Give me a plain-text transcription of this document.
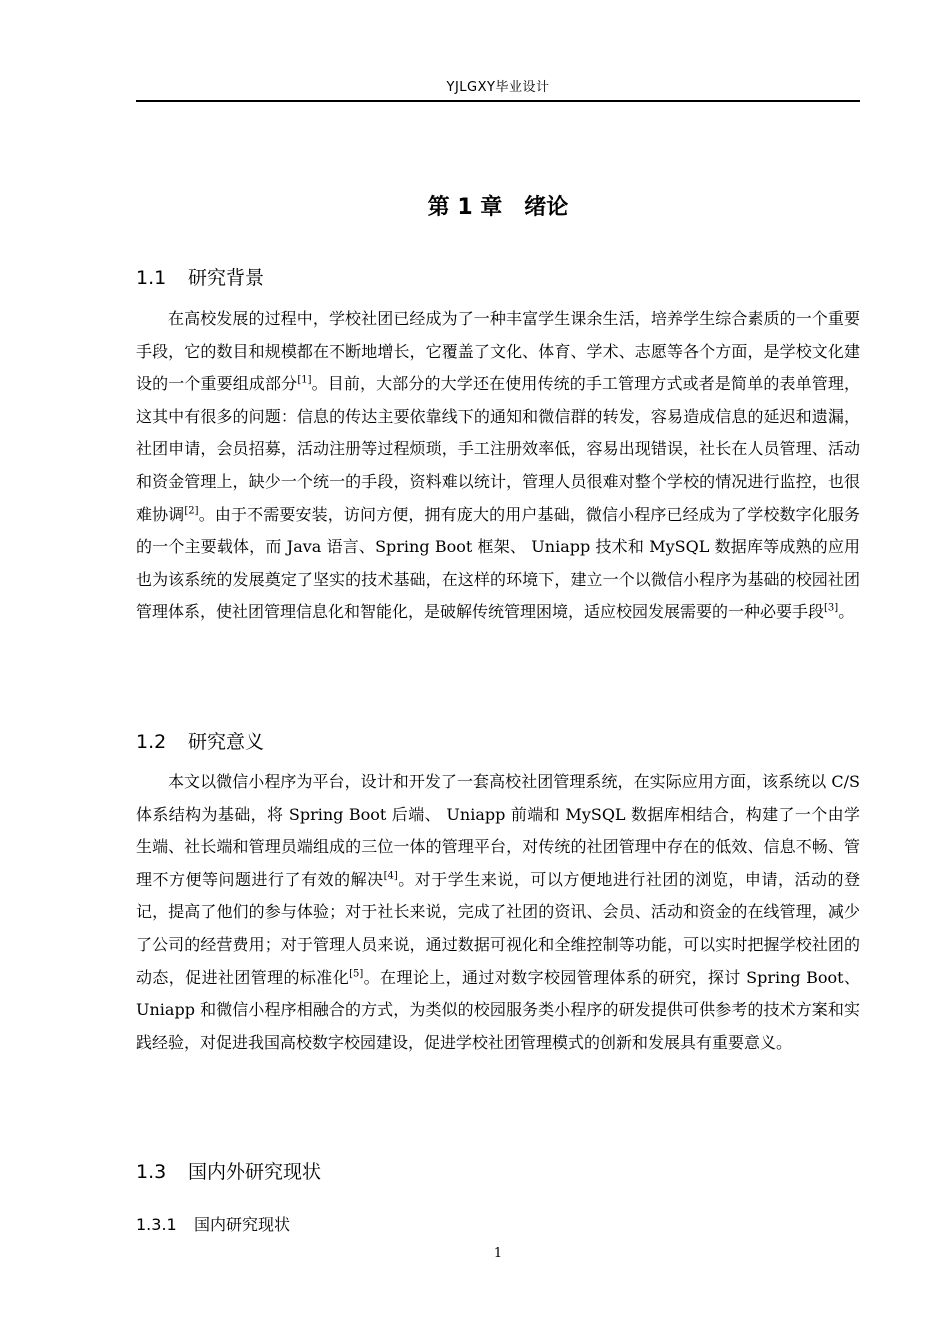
YJLGXY毕业设计
第 1 章　绪论
1.1 研究背景
在高校发展的过程中，学校社团已经成为了一种丰富学生课余生活，培养学生综合素质的一个重要手段，它的数目和规模都在不断地增长，它覆盖了文化、体育、学术、志愿等各个方面，是学校文化建设的一个重要组成部分[1]。目前，大部分的大学还在使用传统的手工管理方式或者是简单的表单管理，这其中有很多的问题：信息的传达主要依靠线下的通知和微信群的转发，容易造成信息的延迟和遗漏，社团申请，会员招募，活动注册等过程烦琐，手工注册效率低，容易出现错误，社长在人员管理、活动和资金管理上，缺少一个统一的手段，资料难以统计，管理人员很难对整个学校的情况进行监控，也很难协调[2]。由于不需要安装，访问方便，拥有庞大的用户基础，微信小程序已经成为了学校数字化服务的一个主要载体，而 Java 语言、Spring Boot 框架、 Uniapp 技术和 MySQL 数据库等成熟的应用也为该系统的发展奠定了坚实的技术基础，在这样的环境下，建立一个以微信小程序为基础的校园社团管理体系，使社团管理信息化和智能化，是破解传统管理困境，适应校园发展需要的一种必要手段[3]。
1.2 研究意义
本文以微信小程序为平台，设计和开发了一套高校社团管理系统，在实际应用方面，该系统以 C/S 体系结构为基础，将 Spring Boot 后端、 Uniapp 前端和 MySQL 数据库相结合，构建了一个由学生端、社长端和管理员端组成的三位一体的管理平台，对传统的社团管理中存在的低效、信息不畅、管理不方便等问题进行了有效的解决[4]。对于学生来说，可以方便地进行社团的浏览，申请，活动的登记，提高了他们的参与体验；对于社长来说，完成了社团的资讯、会员、活动和资金的在线管理，减少了公司的经营费用；对于管理人员来说，通过数据可视化和全维控制等功能，可以实时把握学校社团的动态，促进社团管理的标准化[5]。在理论上，通过对数字校园管理体系的研究，探讨 Spring Boot、 Uniapp 和微信小程序相融合的方式，为类似的校园服务类小程序的研发提供可供参考的技术方案和实践经验，对促进我国高校数字校园建设，促进学校社团管理模式的创新和发展具有重要意义。
1.3 国内外研究现状
1.3.1 国内研究现状
1
